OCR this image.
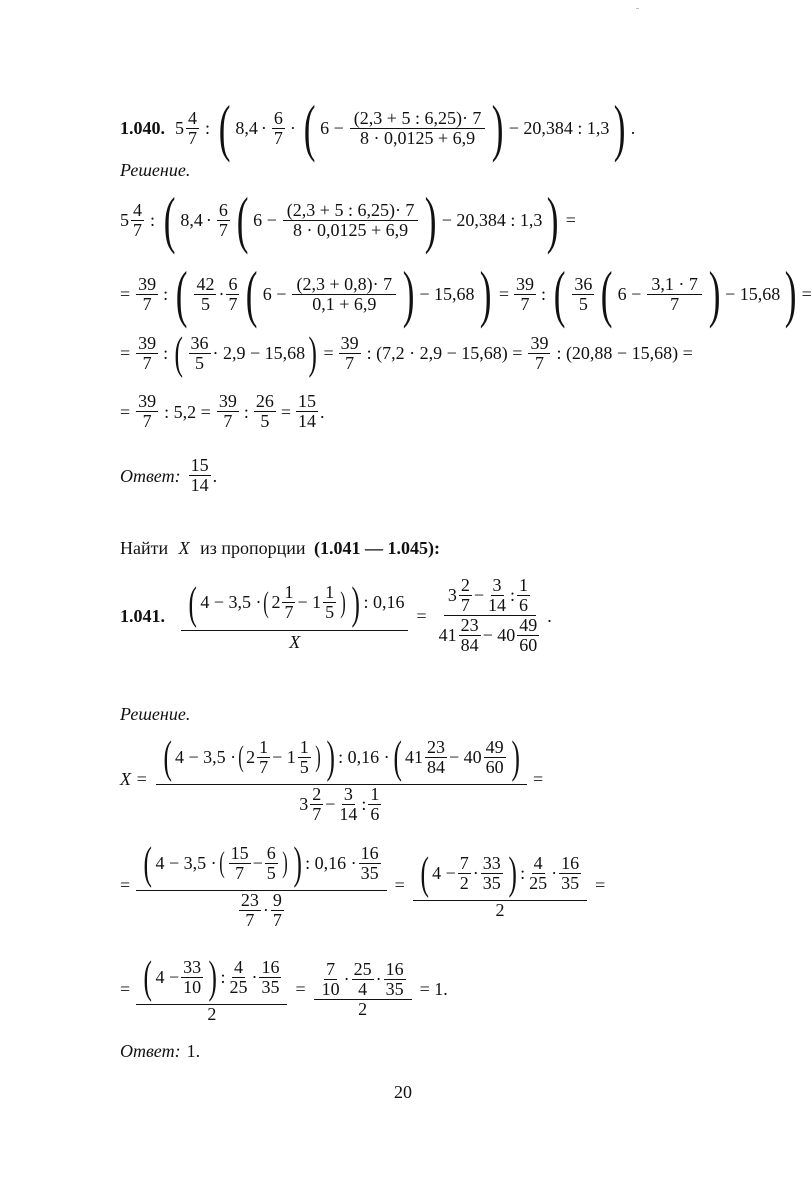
1.040. $5 \frac{4}{7}$ : ( $8,4 \cdot \frac{6}{7}$ · ( $6 - \frac{(2,3 + 5 : 6,25)\cdot 7}{8 \cdot 0,0125 + 6,9}$ ) − 20,384 : 1,3 ) .
Решение.
$5 \frac{4}{7}$ : ( $8,4 \cdot \frac{6}{7}$ ( $6 - \frac{(2,3 + 5 : 6,25)\cdot 7}{8 \cdot 0,0125 + 6,9}$ ) − 20,384 : 1,3 ) =
= $\frac{39}{7}$ : ( $\frac{42}{5} \cdot \frac{6}{7}$ ( $6 - \frac{(2,3 + 0,8)\cdot 7}{0,1 + 6,9}$ ) − 15,68 ) = $\frac{39}{7}$ : ( $\frac{36}{5}$ ( $6 - \frac{3,1 \cdot 7}{7}$ ) − 15,68 ) =
= $\frac{39}{7}$ : ( $\frac{36}{5} \cdot 2,9 - 15,68$ ) = $\frac{39}{7}$ : $(7,2 \cdot 2,9 - 15,68) = \frac{39}{7}$ : (20,88 − 15,68) =
= $\frac{39}{7}$ : $5,2 = \frac{39}{7}$ : $\frac{26}{5} = \frac{15}{14}$ .
Ответ: $\frac{15}{14}$ .
Найти X из пропорции (1.041 — 1.045):
1.041. ( 4 − 3,5 · ( $2 \frac{1}{7} - 1 \frac{1}{5}$ ) ) : 0,16
X
= $\frac{3 \frac{2}{7} - \frac{3}{14} : \frac{1}{6}}{41 \frac{23}{84} - 40 \frac{49}{60}}$ .
Решение.
X = ( 4 − 3,5 · ( $2 \frac{1}{7} - 1 \frac{1}{5}$ ) ) : 0,16 · ( $41 \frac{23}{84} - 40 \frac{49}{60}$ )
$3 \frac{2}{7} - \frac{3}{14}$ : $\frac{1}{6}$
=
= ( 4 − 3,5 · ( $\frac{15}{7} - \frac{6}{5}$ ) ) : $0,16 \cdot \frac{16}{35}$
$\frac{23}{7} \cdot \frac{9}{7}$
= ( $4 - \frac{7}{2} \cdot \frac{33}{35}$ ) : $\frac{4}{25} \cdot \frac{16}{35}$
2
=
= ( $4 - \frac{33}{10}$ ) : $\frac{4}{25} \cdot \frac{16}{35}$
2
= $\frac{\frac{7}{10} \cdot \frac{25}{4} \cdot \frac{16}{35}}{2} = 1$.
Ответ: 1.
20
